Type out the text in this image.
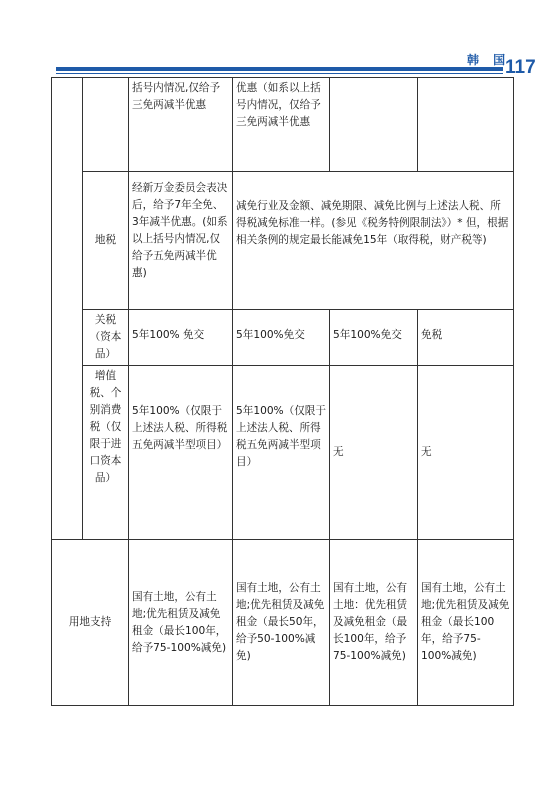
韩 国
117
		括号内情况,仅给予三免两减半优惠	优惠（如系以上括号内情况，仅给予三免两减半优惠		
	地税	经新万金委员会表决后，给予7年全免、3年减半优惠。(如系以上括号内情况,仅给予五免两减半优惠)	减免行业及金额、减免期限、减免比例与上述法人税、所得税减免标准一样。(参见《税务特例限制法》）* 但，根据相关条例的规定最长能减免15年（取得税，财产税等)		
	关税（资本品）	5年100% 免交	5年100%免交	5年100%免交	免税
	增值税、个别消费税（仅限于进口资本品）	5年100%（仅限于上述法人税、所得税五免两减半型项目）	5年100%（仅限于上述法人税、所得税五免两减半型项目）	无	无
用地支持		国有土地，公有土地;优先租赁及减免租金（最长100年，给予75-100%减免)	国有土地，公有土地;优先租赁及减免租金（最长50年，给予50-100%减免)	国有土地，公有土地：优先租赁及减免租金（最长100年，给予75-100%减免)	国有土地，公有土地;优先租赁及减免租金（最长100年，给予75-100%减免)
